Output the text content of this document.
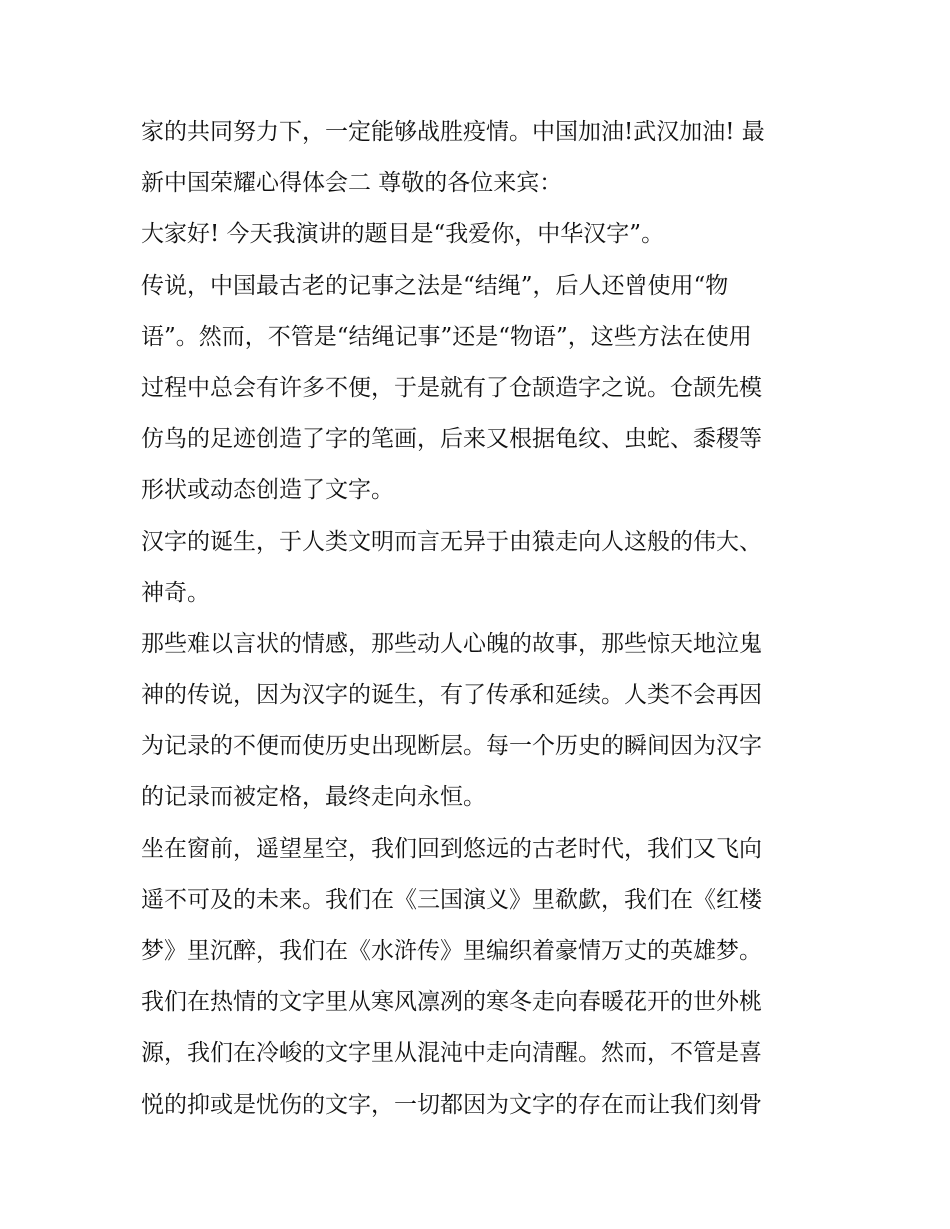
家的共同努力下，一定能够战胜疫情。中国加油!武汉加油! 最
新中国荣耀心得体会二 尊敬的各位来宾：
大家好! 今天我演讲的题目是“我爱你，中华汉字”。
传说，中国最古老的记事之法是“结绳”，后人还曾使用“物
语”。然而，不管是“结绳记事”还是“物语”，这些方法在使用
过程中总会有许多不便，于是就有了仓颉造字之说。仓颉先模
仿鸟的足迹创造了字的笔画，后来又根据龟纹、虫蛇、黍稷等
形状或动态创造了文字。
汉字的诞生，于人类文明而言无异于由猿走向人这般的伟大、
神奇。
那些难以言状的情感，那些动人心魄的故事，那些惊天地泣鬼
神的传说，因为汉字的诞生，有了传承和延续。人类不会再因
为记录的不便而使历史出现断层。每一个历史的瞬间因为汉字
的记录而被定格，最终走向永恒。
坐在窗前，遥望星空，我们回到悠远的古老时代，我们又飞向
遥不可及的未来。我们在《三国演义》里欷歔，我们在《红楼
梦》里沉醉，我们在《水浒传》里编织着豪情万丈的英雄梦。
我们在热情的文字里从寒风凛冽的寒冬走向春暖花开的世外桃
源，我们在冷峻的文字里从混沌中走向清醒。然而，不管是喜
悦的抑或是忧伤的文字，一切都因为文字的存在而让我们刻骨
